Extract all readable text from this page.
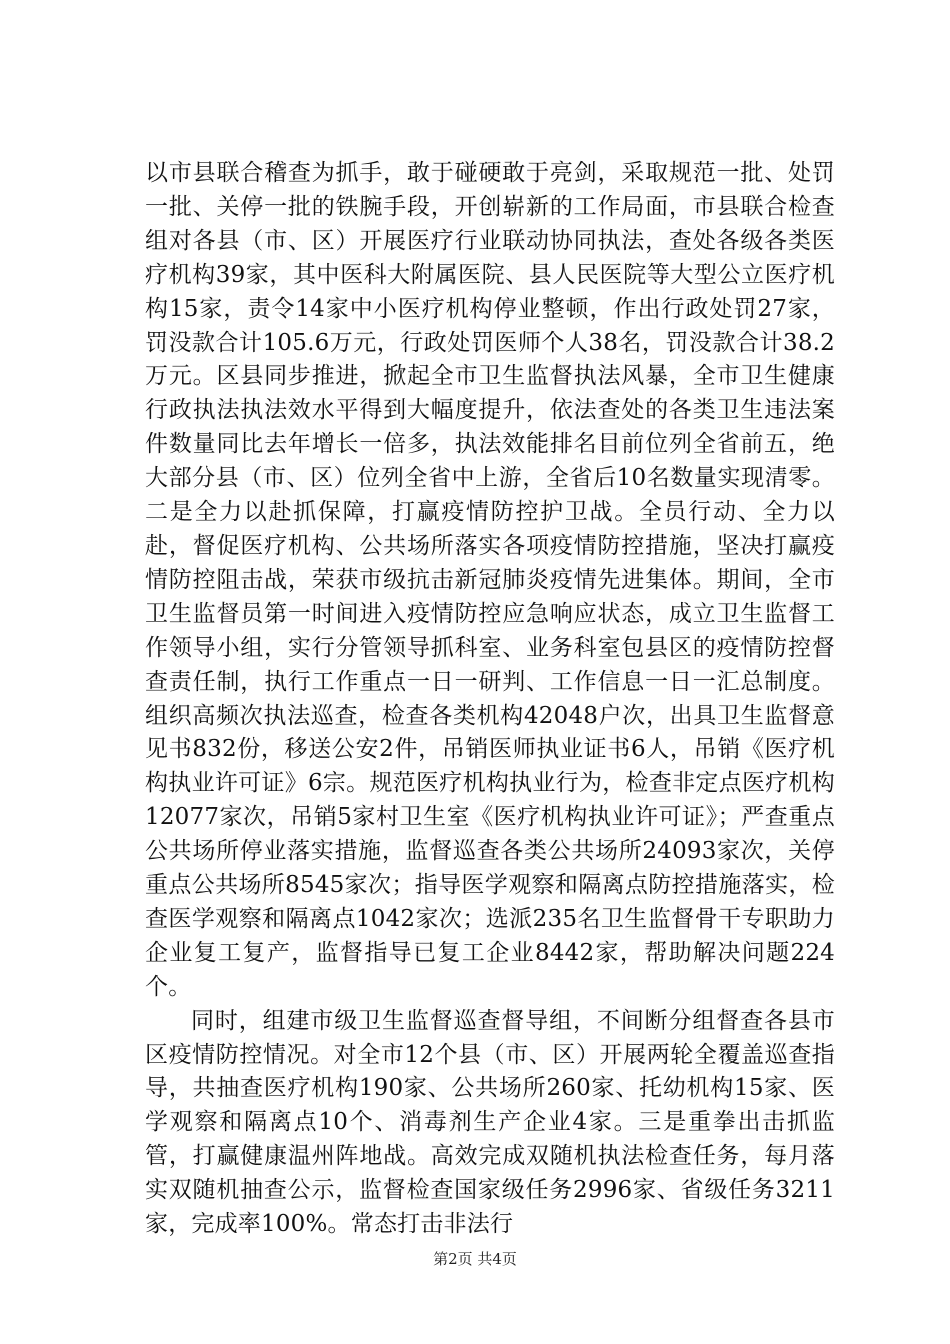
以市县联合稽查为抓手，敢于碰硬敢于亮剑，采取规范一批、处罚一批、关停一批的铁腕手段，开创崭新的工作局面，市县联合检查组对各县（市、区）开展医疗行业联动协同执法，查处各级各类医疗机构39家，其中医科大附属医院、县人民医院等大型公立医疗机构15家，责令14家中小医疗机构停业整顿，作出行政处罚27家，罚没款合计105.6万元，行政处罚医师个人38名，罚没款合计38.2万元。区县同步推进，掀起全市卫生监督执法风暴，全市卫生健康行政执法执法效水平得到大幅度提升，依法查处的各类卫生违法案件数量同比去年增长一倍多，执法效能排名目前位列全省前五，绝大部分县（市、区）位列全省中上游，全省后10名数量实现清零。二是全力以赴抓保障，打赢疫情防控护卫战。全员行动、全力以赴，督促医疗机构、公共场所落实各项疫情防控措施，坚决打赢疫情防控阻击战，荣获市级抗击新冠肺炎疫情先进集体。期间，全市卫生监督员第一时间进入疫情防控应急响应状态，成立卫生监督工作领导小组，实行分管领导抓科室、业务科室包县区的疫情防控督查责任制，执行工作重点一日一研判、工作信息一日一汇总制度。组织高频次执法巡查，检查各类机构42048户次，出具卫生监督意见书832份，移送公安2件，吊销医师执业证书6人，吊销《医疗机构执业许可证》6宗。规范医疗机构执业行为，检查非定点医疗机构12077家次，吊销5家村卫生室《医疗机构执业许可证》；严查重点公共场所停业落实措施，监督巡查各类公共场所24093家次，关停重点公共场所8545家次；指导医学观察和隔离点防控措施落实，检查医学观察和隔离点1042家次；选派235名卫生监督骨干专职助力企业复工复产，监督指导已复工企业8442家，帮助解决问题224个。

同时，组建市级卫生监督巡查督导组，不间断分组督查各县市区疫情防控情况。对全市12个县（市、区）开展两轮全覆盖巡查指导，共抽查医疗机构190家、公共场所260家、托幼机构15家、医学观察和隔离点10个、消毒剂生产企业4家。三是重拳出击抓监管，打赢健康温州阵地战。高效完成双随机执法检查任务，每月落实双随机抽查公示，监督检查国家级任务2996家、省级任务3211家，完成率100%。常态打击非法行

第2页 共4页
